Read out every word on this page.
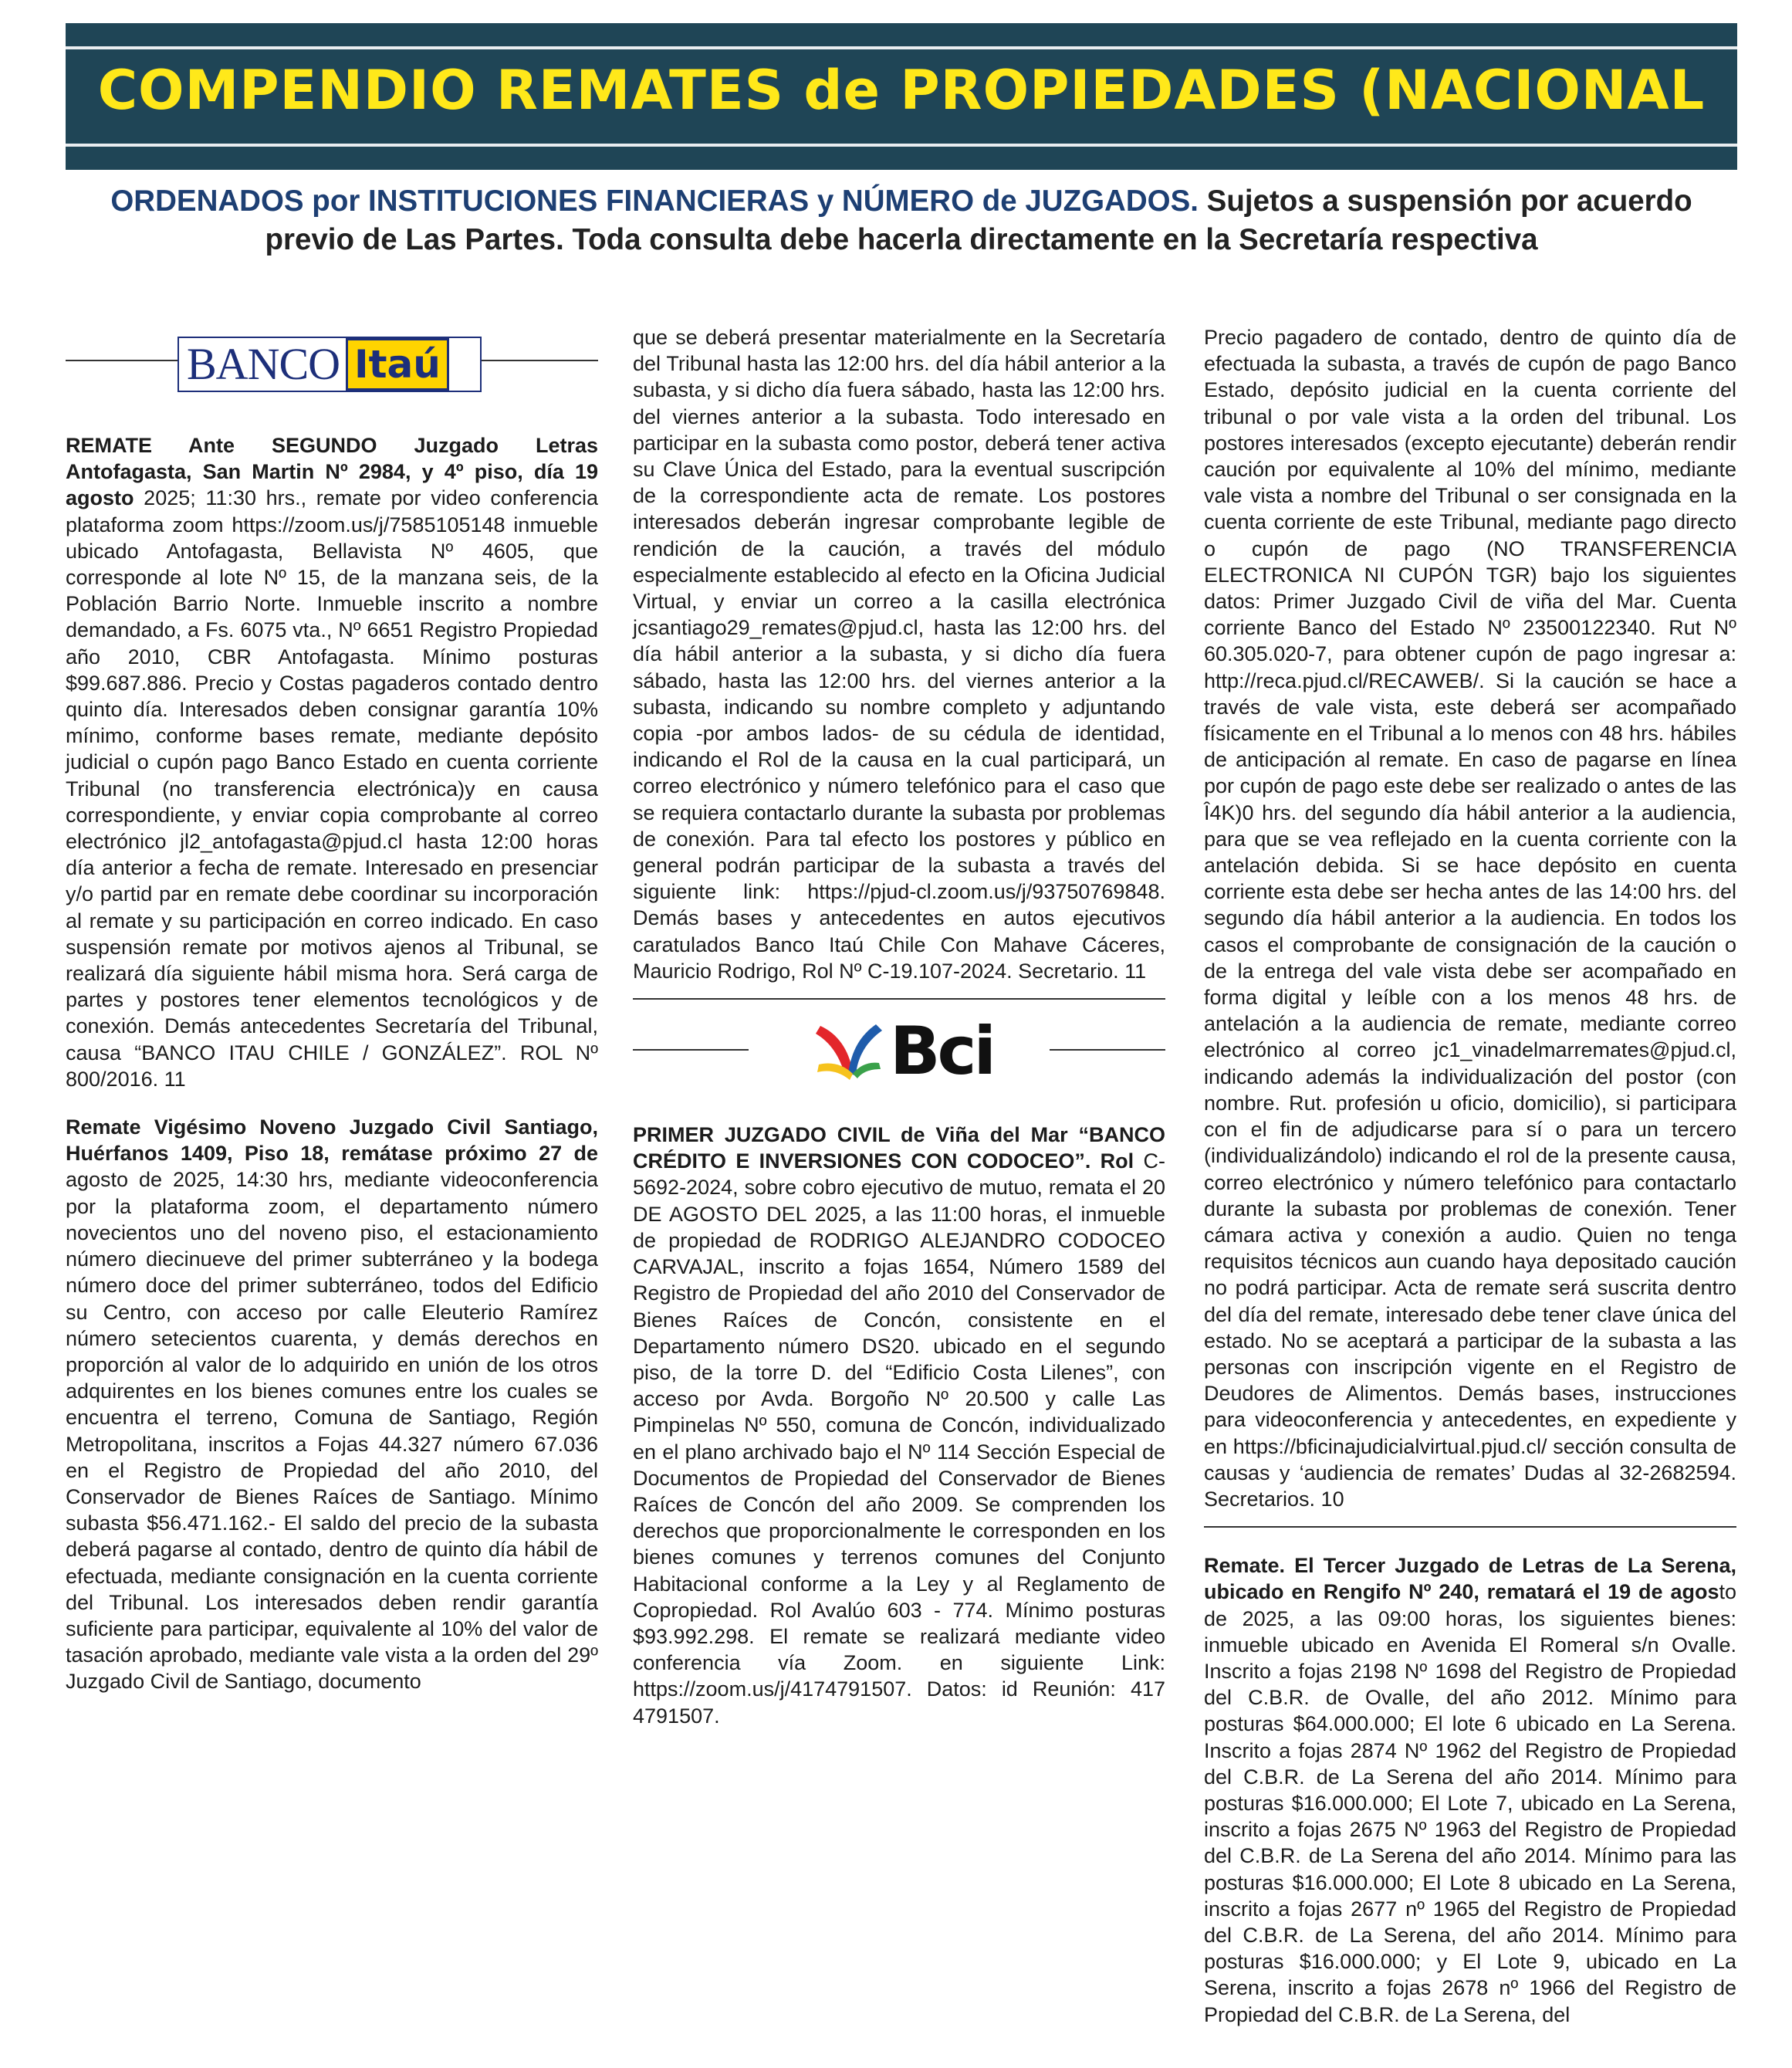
COMPENDIO REMATES de PROPIEDADES (NACIONAL
ORDENADOS por INSTITUCIONES FINANCIERAS y NÚMERO de JUZGADOS. Sujetos a suspensión por acuerdo previo de Las Partes. Toda consulta debe hacerla directamente en la Secretaría respectiva
BANCO Itaú

REMATE Ante SEGUNDO Juzgado Letras Antofagasta, San Martin Nº 2984, y 4º piso, día 19 agosto 2025; 11:30 hrs., remate por video conferencia plataforma zoom https://zoom.us/j/7585105148 inmueble ubicado Antofagasta, Bellavista Nº 4605, que corresponde al lote Nº 15, de la manzana seis, de la Población Barrio Norte. Inmueble inscrito a nombre demandado, a Fs. 6075 vta., Nº 6651 Registro Propiedad año 2010, CBR Antofagasta. Mínimo posturas $99.687.886. Precio y Costas pagaderos contado dentro quinto día. Interesados deben consignar garantía 10% mínimo, conforme bases remate, mediante depósito judicial o cupón pago Banco Estado en cuenta corriente Tribunal (no transferencia electrónica)y en causa correspondiente, y enviar copia comprobante al correo electrónico jl2_antofagasta@pjud.cl hasta 12:00 horas día anterior a fecha de remate. Interesado en presenciar y/o partid par en remate debe coordinar su incorporación al remate y su participación en correo indicado. En caso suspensión remate por motivos ajenos al Tribunal, se realizará día siguiente hábil misma hora. Será carga de partes y postores tener elementos tecnológicos y de conexión. Demás antecedentes Secretaría del Tribunal, causa “BANCO ITAU CHILE / GONZÁLEZ”. ROL Nº 800/2016. 11

Remate Vigésimo Noveno Juzgado Civil Santiago, Huérfanos 1409, Piso 18, remátase próximo 27 de agosto de 2025, 14:30 hrs, mediante videoconferencia por la plataforma zoom, el departamento número novecientos uno del noveno piso, el estacionamiento número diecinueve del primer subterráneo y la bodega número doce del primer subterráneo, todos del Edificio su Centro, con acceso por calle Eleuterio Ramírez número setecientos cuarenta, y demás derechos en proporción al valor de lo adquirido en unión de los otros adquirentes en los bienes comunes entre los cuales se encuentra el terreno, Comuna de Santiago, Región Metropolitana, inscritos a Fojas 44.327 número 67.036 en el Registro de Propiedad del año 2010, del Conservador de Bienes Raíces de Santiago. Mínimo subasta $56.471.162.- El saldo del precio de la subasta deberá pagarse al contado, dentro de quinto día hábil de efectuada, mediante consignación en la cuenta corriente del Tribunal. Los interesados deben rendir garantía suficiente para participar, equivalente al 10% del valor de tasación aprobado, mediante vale vista a la orden del 29º Juzgado Civil de Santiago, documento

que se deberá presentar materialmente en la Secretaría del Tribunal hasta las 12:00 hrs. del día hábil anterior a la subasta, y si dicho día fuera sábado, hasta las 12:00 hrs. del viernes anterior a la subasta. Todo interesado en participar en la subasta como postor, deberá tener activa su Clave Única del Estado, para la eventual suscripción de la correspondiente acta de remate. Los postores interesados deberán ingresar comprobante legible de rendición de la caución, a través del módulo especialmente establecido al efecto en la Oficina Judicial Virtual, y enviar un correo a la casilla electrónica jcsantiago29_remates@pjud.cl, hasta las 12:00 hrs. del día hábil anterior a la subasta, y si dicho día fuera sábado, hasta las 12:00 hrs. del viernes anterior a la subasta, indicando su nombre completo y adjuntando copia -por ambos lados- de su cédula de identidad, indicando el Rol de la causa en la cual participará, un correo electrónico y número telefónico para el caso que se requiera contactarlo durante la subasta por problemas de conexión. Para tal efecto los postores y público en general podrán participar de la subasta a través del siguiente link: https://pjud-cl.zoom.us/j/93750769848. Demás bases y antecedentes en autos ejecutivos caratulados Banco Itaú Chile Con Mahave Cáceres, Mauricio Rodrigo, Rol Nº C-19.107-2024. Secretario. 11

Bci

PRIMER JUZGADO CIVIL de Viña del Mar “BANCO CRÉDITO E INVERSIONES CON CODOCEO”. Rol C-5692-2024, sobre cobro ejecutivo de mutuo, remata el 20 DE AGOSTO DEL 2025, a las 11:00 horas, el inmueble de propiedad de RODRIGO ALEJANDRO CODOCEO CARVAJAL, inscrito a fojas 1654, Número 1589 del Registro de Propiedad del año 2010 del Conservador de Bienes Raíces de Concón, consistente en el Departamento número DS20. ubicado en el segundo piso, de la torre D. del “Edificio Costa Lilenes”, con acceso por Avda. Borgoño Nº 20.500 y calle Las Pimpinelas Nº 550, comuna de Concón, individualizado en el plano archivado bajo el Nº 114 Sección Especial de Documentos de Propiedad del Conservador de Bienes Raíces de Concón del año 2009. Se comprenden los derechos que proporcionalmente le corresponden en los bienes comunes y terrenos comunes del Conjunto Habitacional conforme a la Ley y al Reglamento de Copropiedad. Rol Avalúo 603 - 774. Mínimo posturas $93.992.298. El remate se realizará mediante video conferencia vía Zoom. en siguiente Link: https://zoom.us/j/4174791507. Datos: id Reunión: 417 4791507.

Precio pagadero de contado, dentro de quinto día de efectuada la subasta, a través de cupón de pago Banco Estado, depósito judicial en la cuenta corriente del tribunal o por vale vista a la orden del tribunal. Los postores interesados (excepto ejecutante) deberán rendir caución por equivalente al 10% del mínimo, mediante vale vista a nombre del Tribunal o ser consignada en la cuenta corriente de este Tribunal, mediante pago directo o cupón de pago (NO TRANSFERENCIA ELECTRONICA NI CUPÓN TGR) bajo los siguientes datos: Primer Juzgado Civil de viña del Mar. Cuenta corriente Banco del Estado Nº 23500122340. Rut Nº 60.305.020-7, para obtener cupón de pago ingresar a: http://reca.pjud.cl/RECAWEB/. Si la caución se hace a través de vale vista, este deberá ser acompañado físicamente en el Tribunal a lo menos con 48 hrs. hábiles de anticipación al remate. En caso de pagarse en línea por cupón de pago este debe ser realizado o antes de las Î4K)0 hrs. del segundo día hábil anterior a la audiencia, para que se vea reflejado en la cuenta corriente con la antelación debida. Si se hace depósito en cuenta corriente esta debe ser hecha antes de las 14:00 hrs. del segundo día hábil anterior a la audiencia. En todos los casos el comprobante de consignación de la caución o de la entrega del vale vista debe ser acompañado en forma digital y leíble con a los menos 48 hrs. de antelación a la audiencia de remate, mediante correo electrónico al correo jc1_vinadelmarremates@pjud.cl, indicando además la individualización del postor (con nombre. Rut. profesión u oficio, domicilio), si participara con el fin de adjudicarse para sí o para un tercero (individualizándolo) indicando el rol de la presente causa, correo electrónico y número telefónico para contactarlo durante la subasta por problemas de conexión. Tener cámara activa y conexión a audio. Quien no tenga requisitos técnicos aun cuando haya depositado caución no podrá participar. Acta de remate será suscrita dentro del día del remate, interesado debe tener clave única del estado. No se aceptará a participar de la subasta a las personas con inscripción vigente en el Registro de Deudores de Alimentos. Demás bases, instrucciones para videoconferencia y antecedentes, en expediente y en https://bficinajudicialvirtual.pjud.cl/ sección consulta de causas y ‘audiencia de remates’ Dudas al 32-2682594. Secretarios. 10

Remate. El Tercer Juzgado de Letras de La Serena, ubicado en Rengifo Nº 240, rematará el 19 de agosto de 2025, a las 09:00 horas, los siguientes bienes: inmueble ubicado en Avenida El Romeral s/n Ovalle. Inscrito a fojas 2198 Nº 1698 del Registro de Propiedad del C.B.R. de Ovalle, del año 2012. Mínimo para posturas $64.000.000; El lote 6 ubicado en La Serena. Inscrito a fojas 2874 Nº 1962 del Registro de Propiedad del C.B.R. de La Serena del año 2014. Mínimo para posturas $16.000.000; El Lote 7, ubicado en La Serena, inscrito a fojas 2675 Nº 1963 del Registro de Propiedad del C.B.R. de La Serena del año 2014. Mínimo para las posturas $16.000.000; El Lote 8 ubicado en La Serena, inscrito a fojas 2677 nº 1965 del Registro de Propiedad del C.B.R. de La Serena, del año 2014. Mínimo para posturas $16.000.000; y El Lote 9, ubicado en La Serena, inscrito a fojas 2678 nº 1966 del Registro de Propiedad del C.B.R. de La Serena, del
